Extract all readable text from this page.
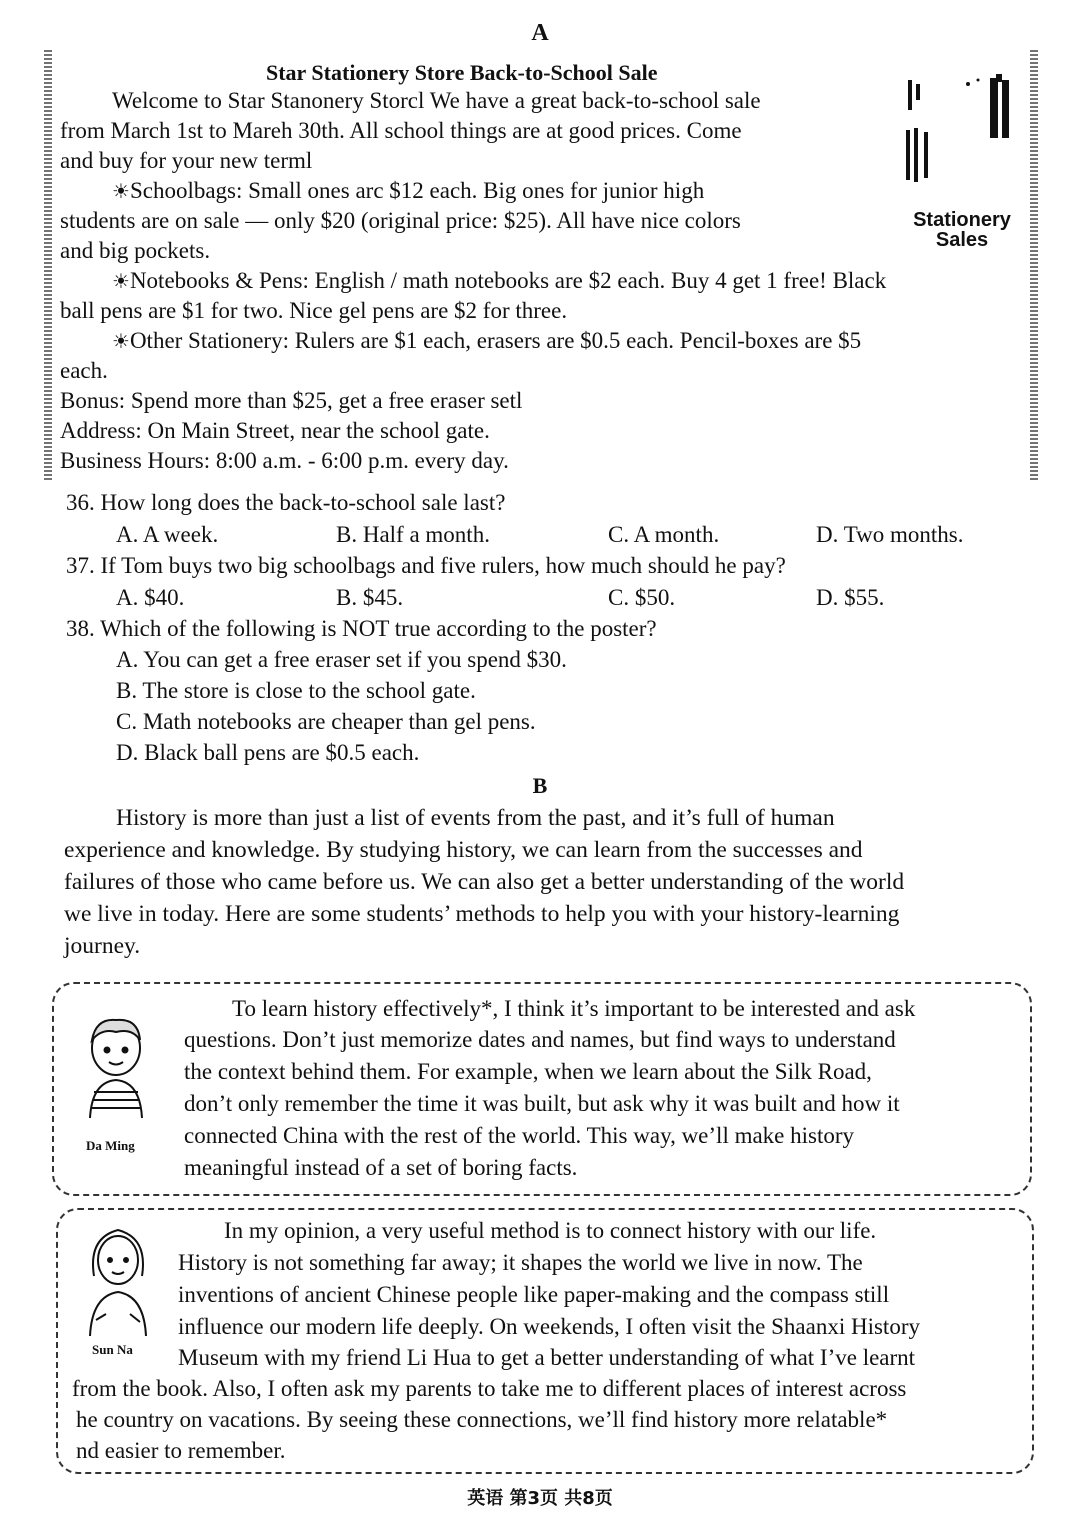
A
Star Stationery Store Back-to-School Sale
Welcome to Star Stanonery Storcl We have a great back-to-school sale
from March 1st to Mareh 30th. All school things are at good prices. Come
and buy for your new terml
☀Schoolbags: Small ones arc $12 each. Big ones for junior high
students are on sale — only $20 (original price: $25). All have nice colors
and big pockets.
☀Notebooks & Pens: English / math notebooks are $2 each. Buy 4 get 1 free! Black
ball pens are $1 for two. Nice gel pens are $2 for three.
☀Other Stationery: Rulers are $1 each, erasers are $0.5 each. Pencil-boxes are $5
each.
Bonus: Spend more than $25, get a free eraser setl
Address: On Main Street, near the school gate.
Business Hours: 8:00 a.m. - 6:00 p.m. every day.
Stationery
Sales
36. How long does the back-to-school sale last?
A. A week.	B. Half a month.	C. A month.	D. Two months.
37. If Tom buys two big schoolbags and five rulers, how much should he pay?
A. $40.	B. $45.	C. $50.	D. $55.
38. Which of the following is NOT true according to the poster?
A. You can get a free eraser set if you spend $30.
B. The store is close to the school gate.
C. Math notebooks are cheaper than gel pens.
D. Black ball pens are $0.5 each.
B
History is more than just a list of events from the past, and it’s full of human
experience and knowledge. By studying history, we can learn from the successes and
failures of those who came before us. We can also get a better understanding of the world
we live in today. Here are some students’ methods to help you with your history-learning
journey.
Da Ming
To learn history effectively*, I think it’s important to be interested and ask
questions. Don’t just memorize dates and names, but find ways to understand
the context behind them. For example, when we learn about the Silk Road,
don’t only remember the time it was built, but ask why it was built and how it
connected China with the rest of the world. This way, we’ll make history
meaningful instead of a set of boring facts.
Sun Na
In my opinion, a very useful method is to connect history with our life.
History is not something far away; it shapes the world we live in now. The
inventions of ancient Chinese people like paper-making and the compass still
influence our modern life deeply. On weekends, I often visit the Shaanxi History
Museum with my friend Li Hua to get a better understanding of what I’ve learnt
from the book. Also, I often ask my parents to take me to different places of interest across
he country on vacations. By seeing these connections, we’ll find history more relatable*
nd easier to remember.
英语 第3页 共8页
